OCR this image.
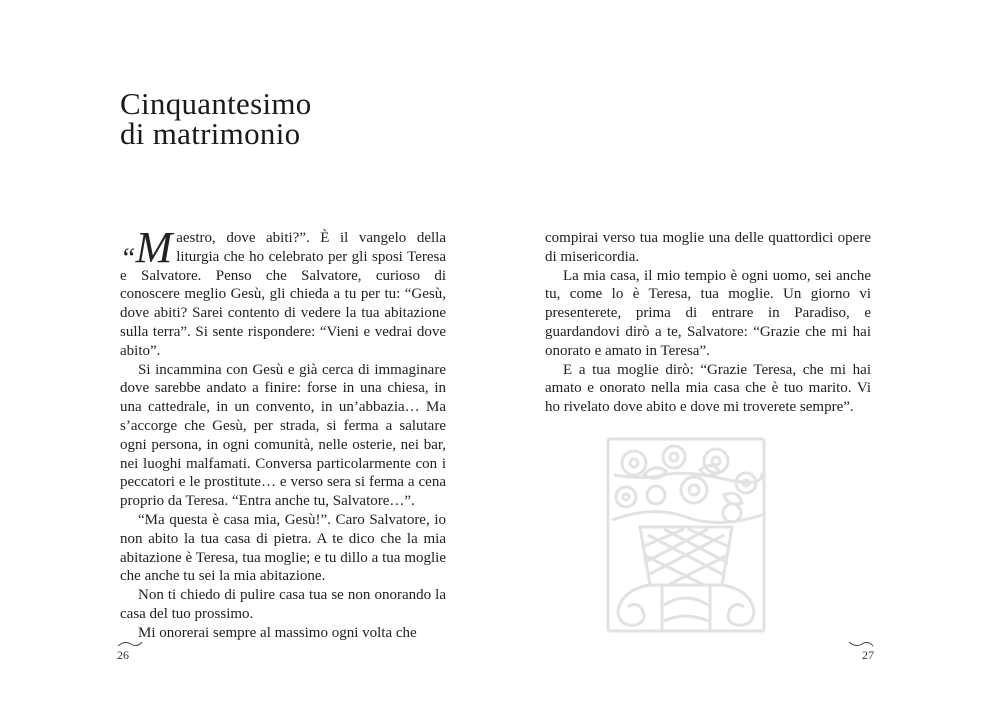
Cinquantesimo
di matrimonio

“M aestro, dove abiti?”. È il vangelo della liturgia che ho celebrato per gli sposi Teresa e Salvatore. Penso che Salvatore, curioso di conoscere meglio Gesù, gli chieda a tu per tu: “Gesù, dove abiti? Sarei contento di vedere la tua abitazione sulla terra”. Si sente rispondere: “Vieni e vedrai dove abito”.

Si incammina con Gesù e già cerca di immaginare dove sarebbe andato a finire: forse in una chiesa, in una cattedrale, in un convento, in un’abbazia… Ma s’accorge che Gesù, per strada, si ferma a salutare ogni persona, in ogni comunità, nelle osterie, nei bar, nei luoghi malfamati. Conversa particolarmente con i peccatori e le prostitute… e verso sera si ferma a cena proprio da Teresa. “Entra anche tu, Salvatore…”.

“Ma questa è casa mia, Gesù!”. Caro Salvatore, io non abito la tua casa di pietra. A te dico che la mia abitazione è Teresa, tua moglie; e tu dillo a tua moglie che anche tu sei la mia abitazione.

Non ti chiedo di pulire casa tua se non onorando la casa del tuo prossimo.

Mi onorerai sempre al massimo ogni volta che

compirai verso tua moglie una delle quattordici opere di misericordia.

La mia casa, il mio tempio è ogni uomo, sei anche tu, come lo è Teresa, tua moglie. Un giorno vi presenterete, prima di entrare in Paradiso, e guardandovi dirò a te, Salvatore: “Grazie che mi hai onorato e amato in Teresa”.

E a tua moglie dirò: “Grazie Teresa, che mi hai amato e onorato nella mia casa che è tuo marito. Vi ho rivelato dove abito e dove mi troverete sempre”.

26	27
